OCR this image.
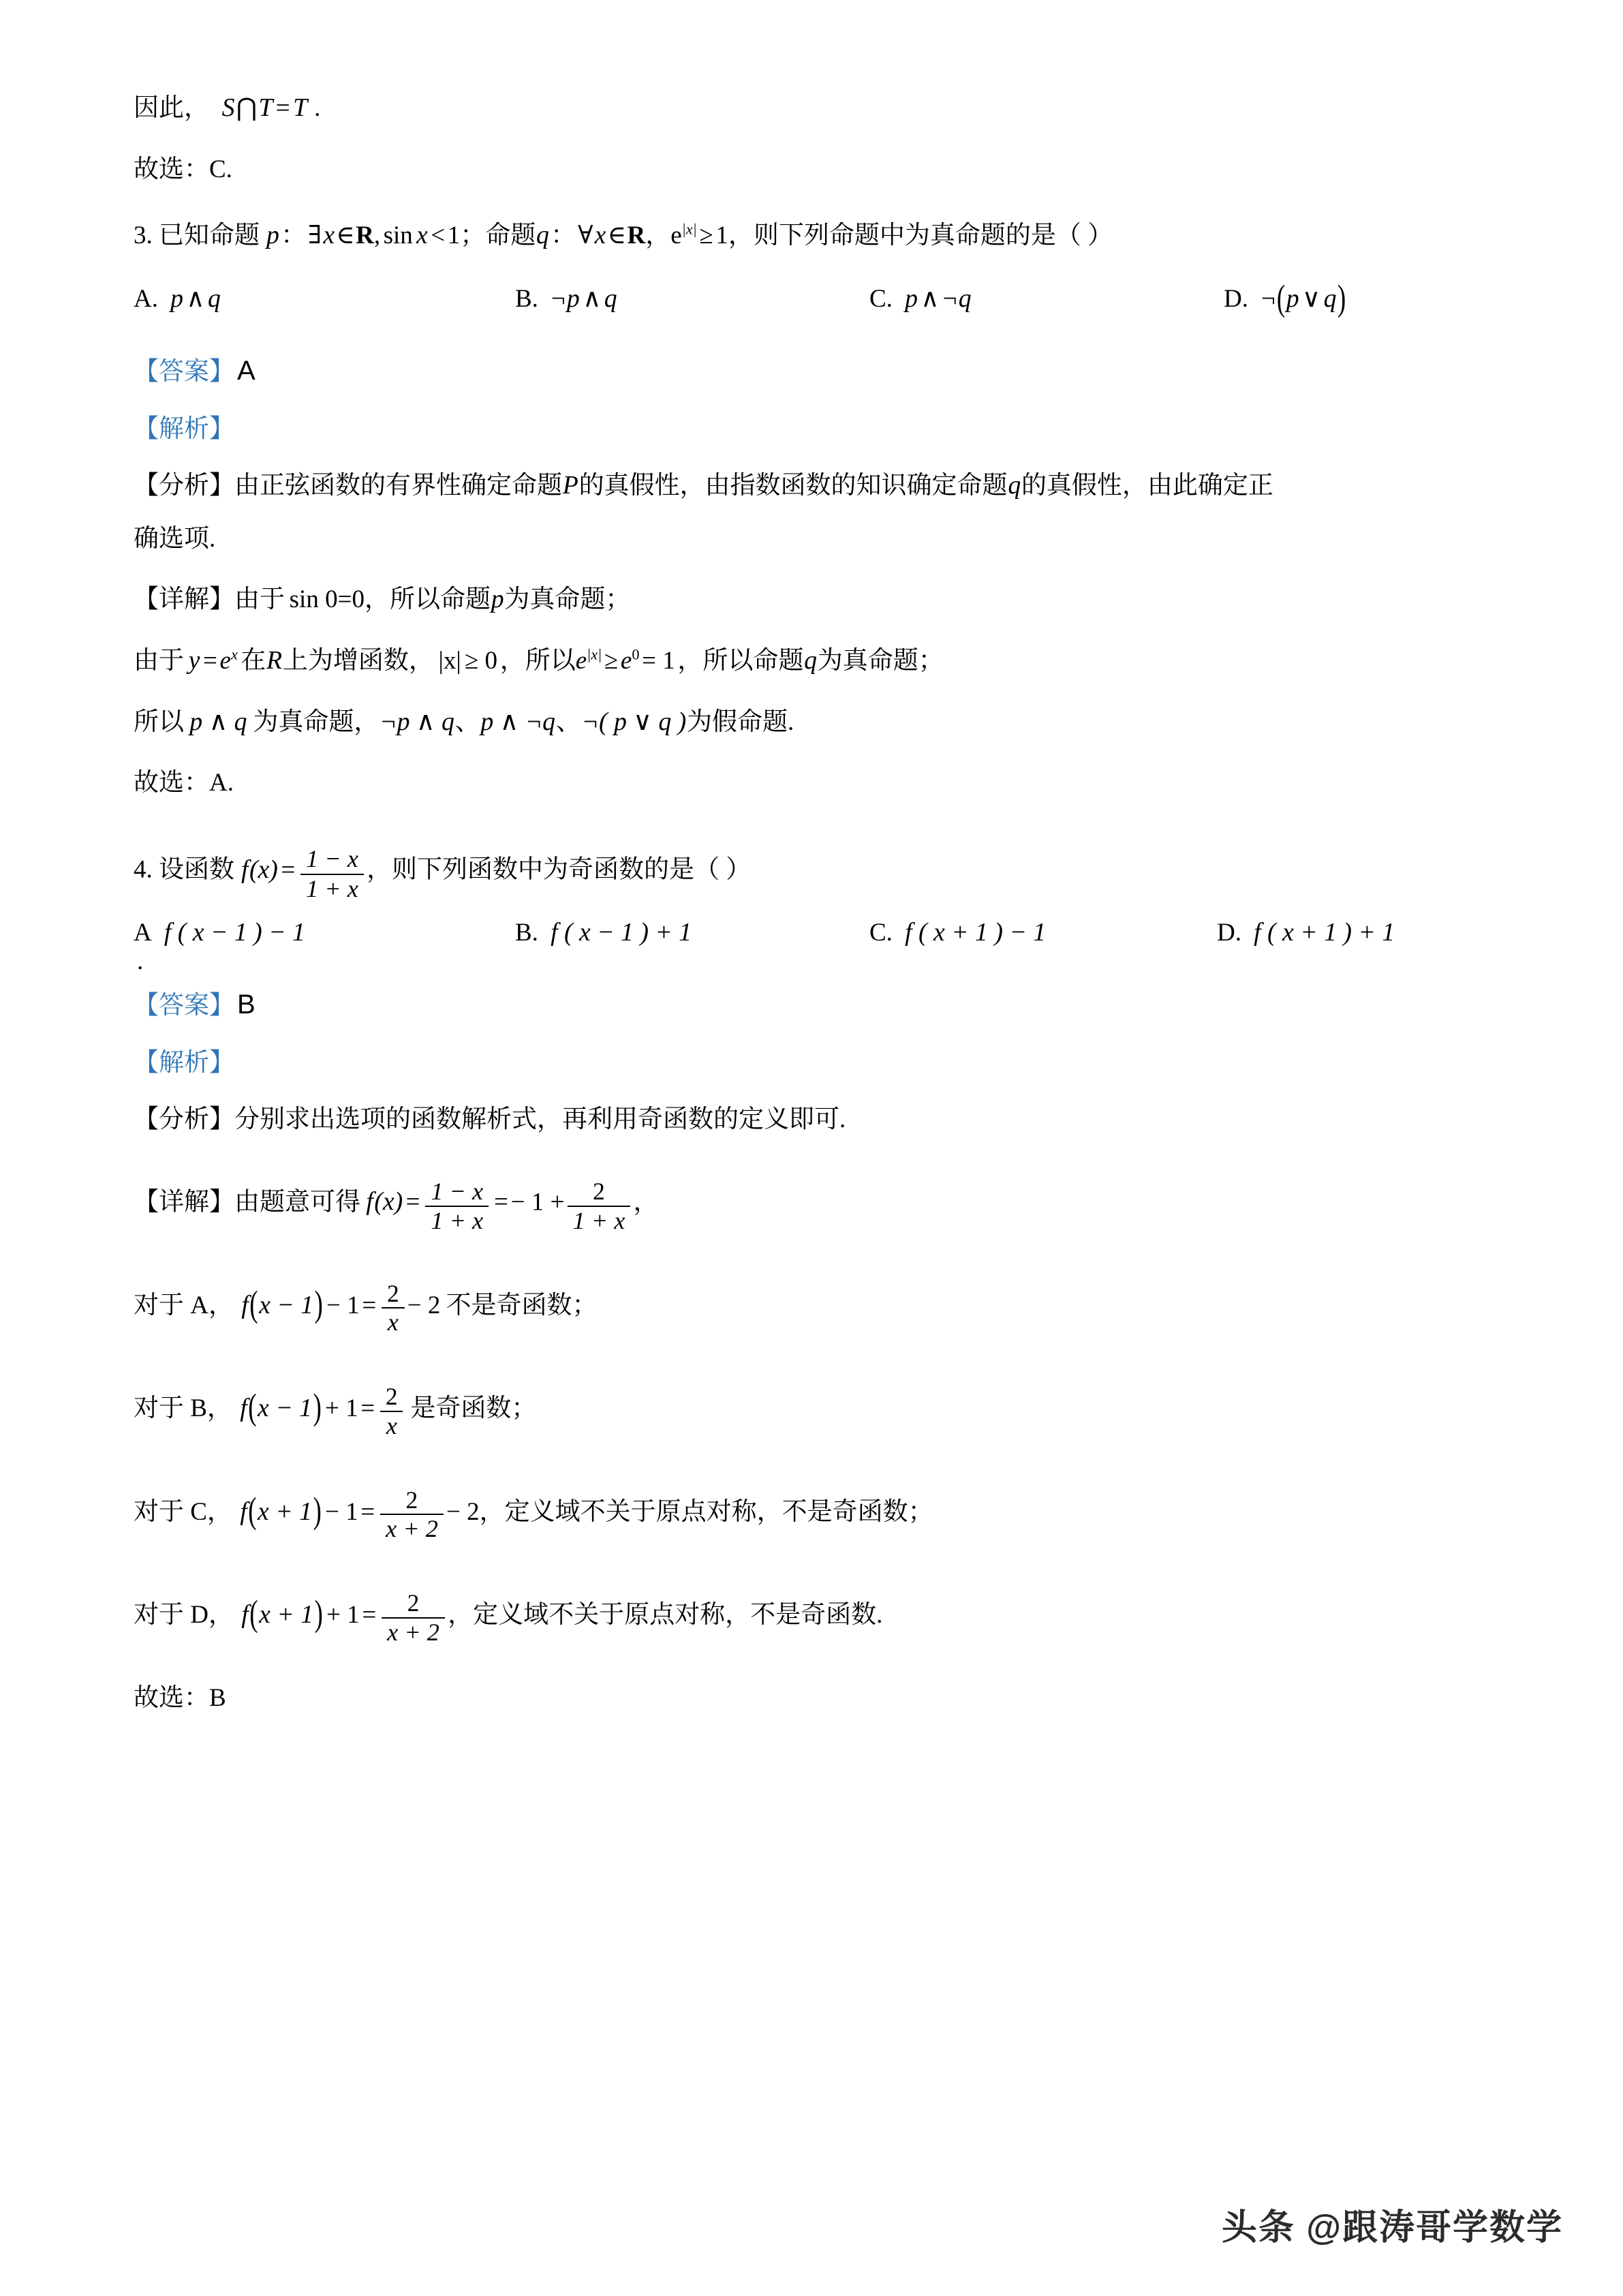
因此， S⋂T = T .
故选：C.
3. 已知命题 p：∃x∈R, sin x <1；命题q：∀x∈R，$e^{|x|}\ge 1$，则下列命题中为真命题的是（ ）
A. p ∧ q	B. ¬p ∧ q	C. p ∧ ¬q	D. ¬(p ∨ q)
【答案】 A
【解析】
【分析】由正弦函数的有界性确定命题P的真假性，由指数函数的知识确定命题q的真假性，由此确定正
确选项.
【详解】由于 sin 0=0，所以命题p为真命题；
由于 $y =e^x$ 在R上为增函数， |x| ≥ 0，所以$e^{|x|}\ge e^0= 1$，所以命题q为真命题；
所以 p ∧ q 为真命题，¬p ∧ q、p ∧ ¬q、¬( p ∨ q )为假命题.
故选：A.
4. 设函数 $f(x) = \frac{1 - x}{1 + x}$ ，则下列函数中为奇函数的是（ ）
A f ( x − 1 ) − 1
.
B. f ( x − 1 ) + 1	C. f ( x + 1 ) − 1	D. f ( x + 1 ) + 1
【答案】 B
【解析】
【分析】分别求出选项的函数解析式，再利用奇函数的定义即可.
【详解】由题意可得 $f(x) = \frac{1 - x}{1 + x} =- 1 + \frac{2}{1 + x}$ ，
对于 A， $f(x - 1) - 1= \frac{2}{x} - 2$ 不是奇函数；
对于 B， $f(x - 1) + 1= \frac{2}{x}$ 是奇函数；
对于 C， $f(x + 1) - 1= \frac{2}{x + 2} - 2$，定义域不关于原点对称，不是奇函数；
对于 D， $f(x + 1) + 1= \frac{2}{x + 2}$ ，定义域不关于原点对称，不是奇函数.
故选：B
头条 @跟涛哥学数学
